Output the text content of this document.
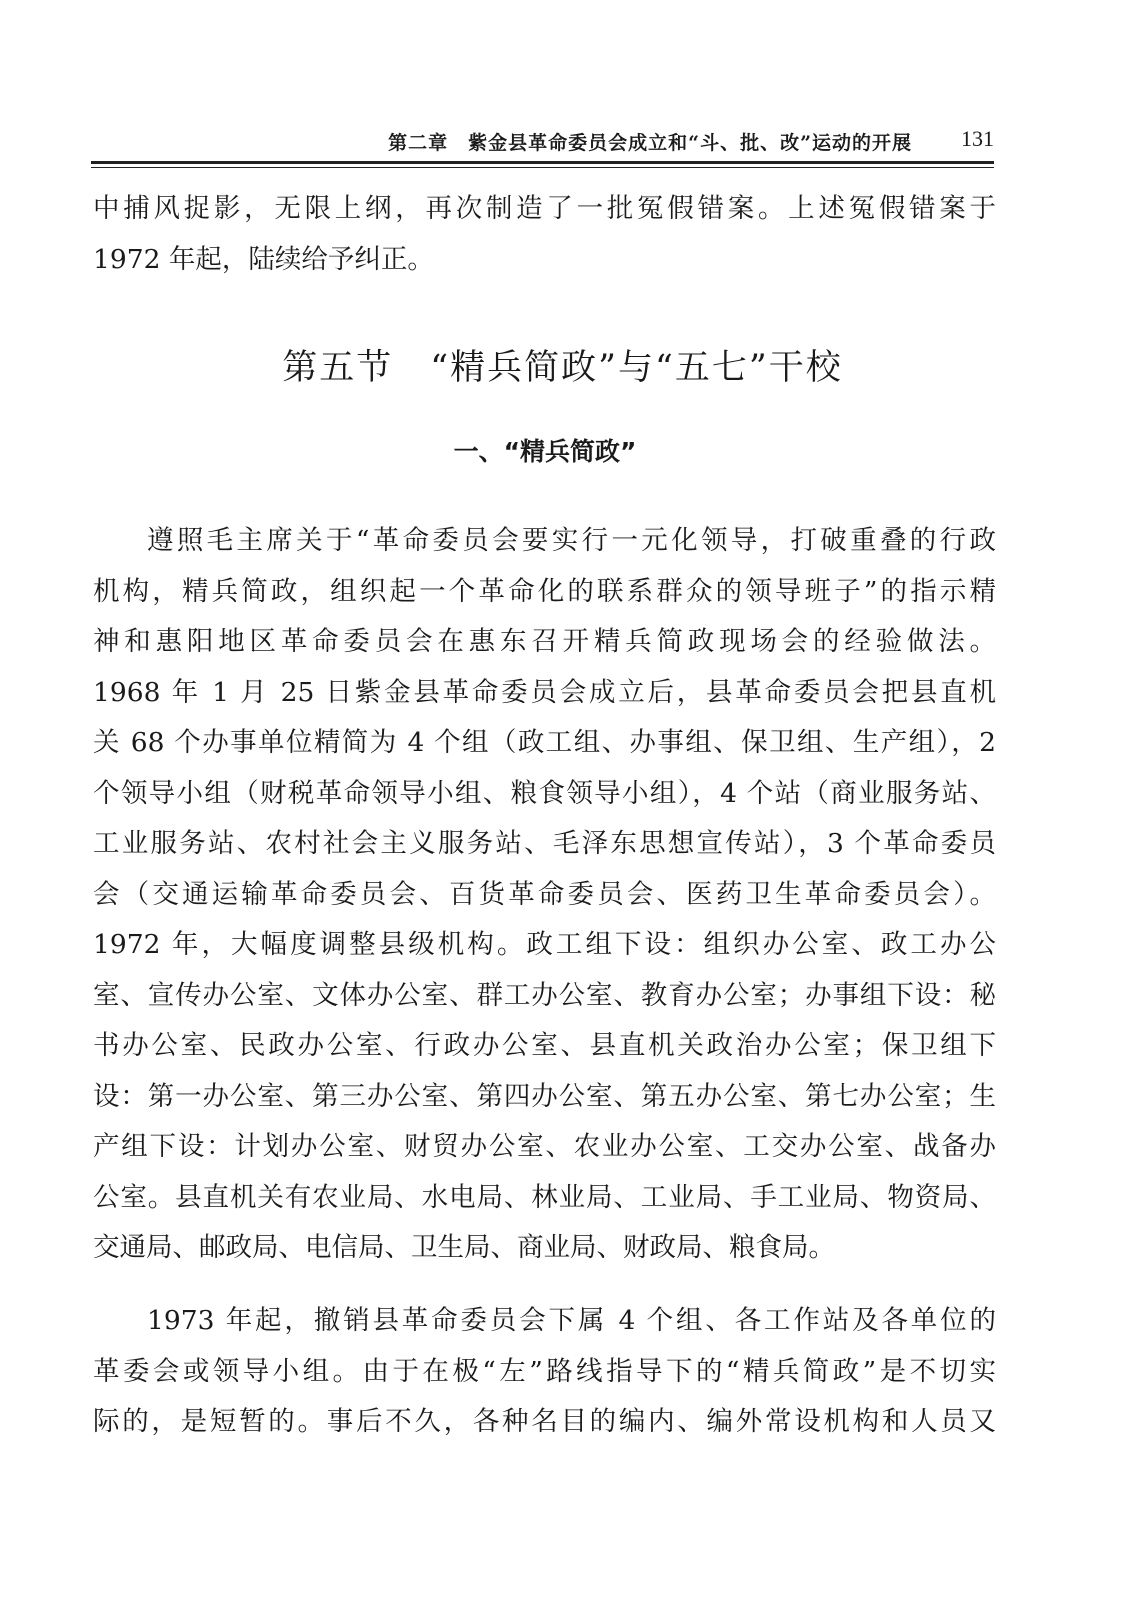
第二章　紫金县革命委员会成立和“斗、批、改”运动的开展 131
中捕风捉影，无限上纲，再次制造了一批冤假错案。上述冤假错案于
1972 年起，陆续给予纠正。
第五节　“精兵简政”与“五七”干校
一、“精兵简政”
遵照毛主席关于“革命委员会要实行一元化领导，打破重叠的行政
机构，精兵简政，组织起一个革命化的联系群众的领导班子”的指示精
神和惠阳地区革命委员会在惠东召开精兵简政现场会的经验做法。
1968 年 1 月 25 日紫金县革命委员会成立后，县革命委员会把县直机
关 68 个办事单位精简为 4 个组（政工组、办事组、保卫组、生产组），2
个领导小组（财税革命领导小组、粮食领导小组），4 个站（商业服务站、
工业服务站、农村社会主义服务站、毛泽东思想宣传站），3 个革命委员
会（交通运输革命委员会、百货革命委员会、医药卫生革命委员会）。
1972 年，大幅度调整县级机构。政工组下设：组织办公室、政工办公
室、宣传办公室、文体办公室、群工办公室、教育办公室；办事组下设：秘
书办公室、民政办公室、行政办公室、县直机关政治办公室；保卫组下
设：第一办公室、第三办公室、第四办公室、第五办公室、第七办公室；生
产组下设：计划办公室、财贸办公室、农业办公室、工交办公室、战备办
公室。县直机关有农业局、水电局、林业局、工业局、手工业局、物资局、
交通局、邮政局、电信局、卫生局、商业局、财政局、粮食局。
1973 年起，撤销县革命委员会下属 4 个组、各工作站及各单位的
革委会或领导小组。由于在极“左”路线指导下的“精兵简政”是不切实
际的，是短暂的。事后不久，各种名目的编内、编外常设机构和人员又
